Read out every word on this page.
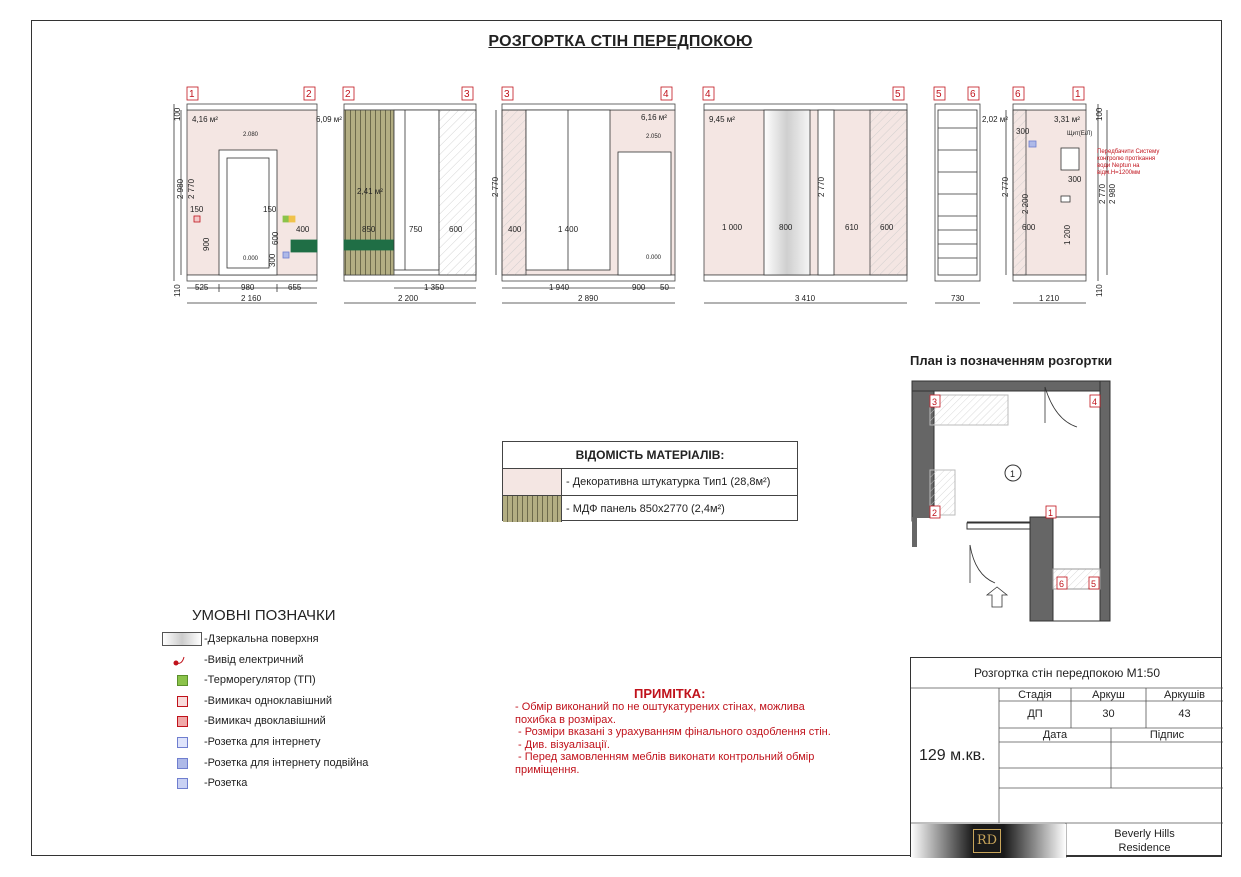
РОЗГОРТКА СТІН ПЕРЕДПОКОЮ
1	2	2	3	3	4	4	5	5	6	6	1
4,16 м²
2.080
150
900
0.000
150
600
300
400
525	980	655
2 160
2 980 2 770
100
110
6,09 м²
2,41 м²
850	750	600
1 350
2 200
6,16 м²
400	1 400
2.050
0.000
1 940	900 50
2 890
2 770
9,45 м²
1 000	800
2 770
610	600
3 410
2,02 м²
730
2 770
3,31 м²
300	Щит(Е/Л)
300
600	1 200
2 200
1 210
100
2 770 2 980
110
Передбачити Систему
контролю протікання
води Neptun на
відм.Н=1200мм
План із позначенням розгортки
1
3	4
2	1
6	5
ВІДОМІСТЬ МАТЕРІАЛІВ:
- Декоративна штукатурка Тип1 (28,8м²)
- МДФ панель 850х2770 (2,4м²)
УМОВНІ ПОЗНАЧКИ
-Дзеркальна поверхня
-Вивід електричний
-Терморегулятор (ТП)
-Вимикач одноклавішний
-Вимикач двоклавішний
-Розетка для інтернету
-Розетка для інтернету подвійна
-Розетка
ПРИМІТКА:
- Обмір виконаний по не оштукатурених стінах, можлива
похибка в розмірах.
- Розміри вказані з урахуванням фінального оздоблення стін.
- Див. візуалізації.
- Перед замовленням меблів виконати контрольний обмір
приміщення.
Розгортка стін передпокою М1:50
Стадія	Аркуш	Аркушів
ДП	30	43
Дата	Підпис
129 м.кв.
RD	Beverly Hills
Residence
